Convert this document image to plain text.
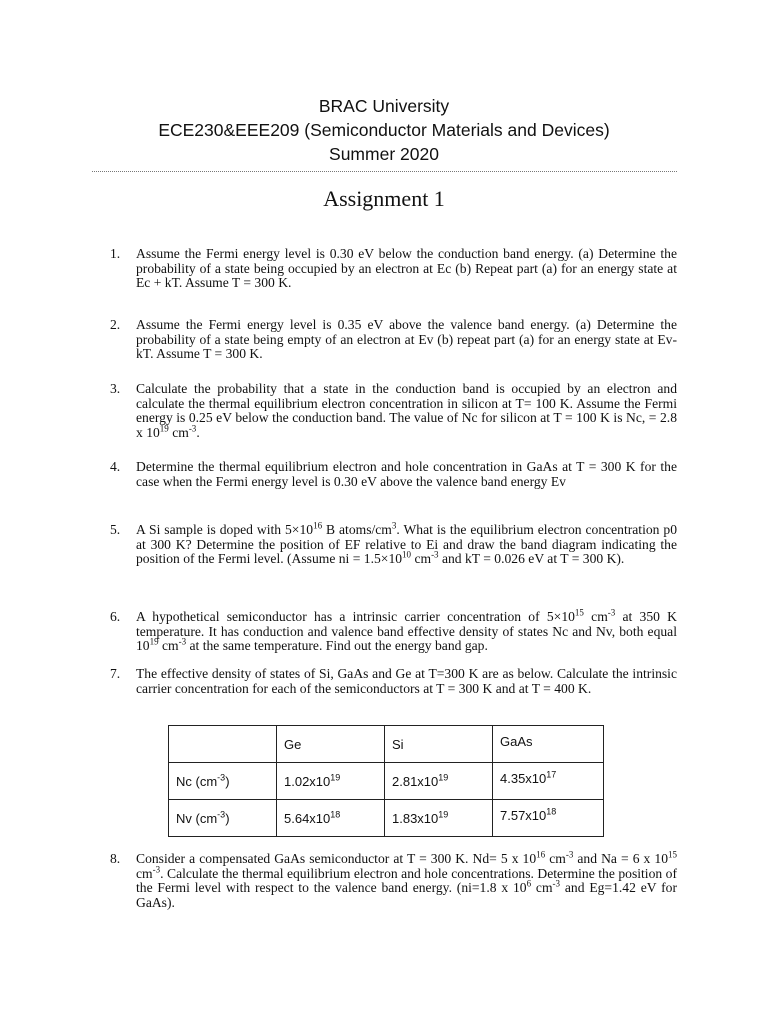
BRAC University
ECE230&EEE209 (Semiconductor Materials and Devices)
Summer 2020
Assignment 1
1. Assume the Fermi energy level is 0.30 eV below the conduction band energy. (a) Determine the probability of a state being occupied by an electron at Ec (b) Repeat part (a) for an energy state at Ec + kT. Assume T = 300 K.
2. Assume the Fermi energy level is 0.35 eV above the valence band energy. (a) Determine the probability of a state being empty of an electron at Ev (b) repeat part (a) for an energy state at Ev- kT. Assume T = 300 K.
3. Calculate the probability that a state in the conduction band is occupied by an electron and calculate the thermal equilibrium electron concentration in silicon at T= 100 K. Assume the Fermi energy is 0.25 eV below the conduction band. The value of Nc for silicon at T = 100 K is Nc, = 2.8 x $10^{19}$ $cm^{-3}$.
4. Determine the thermal equilibrium electron and hole concentration in GaAs at T = 300 K for the case when the Fermi energy level is 0.30 eV above the valence band energy Ev
5. A Si sample is doped with $5\times 10^{16}$ B atoms/$cm^3$. What is the equilibrium electron concentration p0 at 300 K? Determine the position of EF relative to Ei and draw the band diagram indicating the position of the Fermi level. (Assume ni = $1.5\times 10^{10}$ $cm^{-3}$ and kT = 0.026 eV at T = 300 K).
6. A hypothetical semiconductor has a intrinsic carrier concentration of $5\times 10^{15}$ $cm^{-3}$ at 350 K temperature. It has conduction and valence band effective density of states Nc and Nv, both equal $10^{19}$ $cm^{-3}$ at the same temperature. Find out the energy band gap.
7. The effective density of states of Si, GaAs and Ge at T=300 K are as below. Calculate the intrinsic carrier concentration for each of the semiconductors at T = 300 K and at T = 400 K.
	Ge	Si	GaAs
Nc $(cm^{-3})$	$1.02x10^{19}$	$2.81x10^{19}$	$4.35x10^{17}$
Nv $(cm^{-3})$	$5.64x10^{18}$	$1.83x10^{19}$	$7.57x10^{18}$
8. Consider a compensated GaAs semiconductor at T = 300 K. Nd= 5 x $10^{16}$ $cm^{-3}$ and Na = 6 x $10^{15}$ $cm^{-3}$. Calculate the thermal equilibrium electron and hole concentrations. Determine the position of the Fermi level with respect to the valence band energy. (ni=1.8 x $10^6$ $cm^{-3}$ and Eg=1.42 eV for GaAs).
